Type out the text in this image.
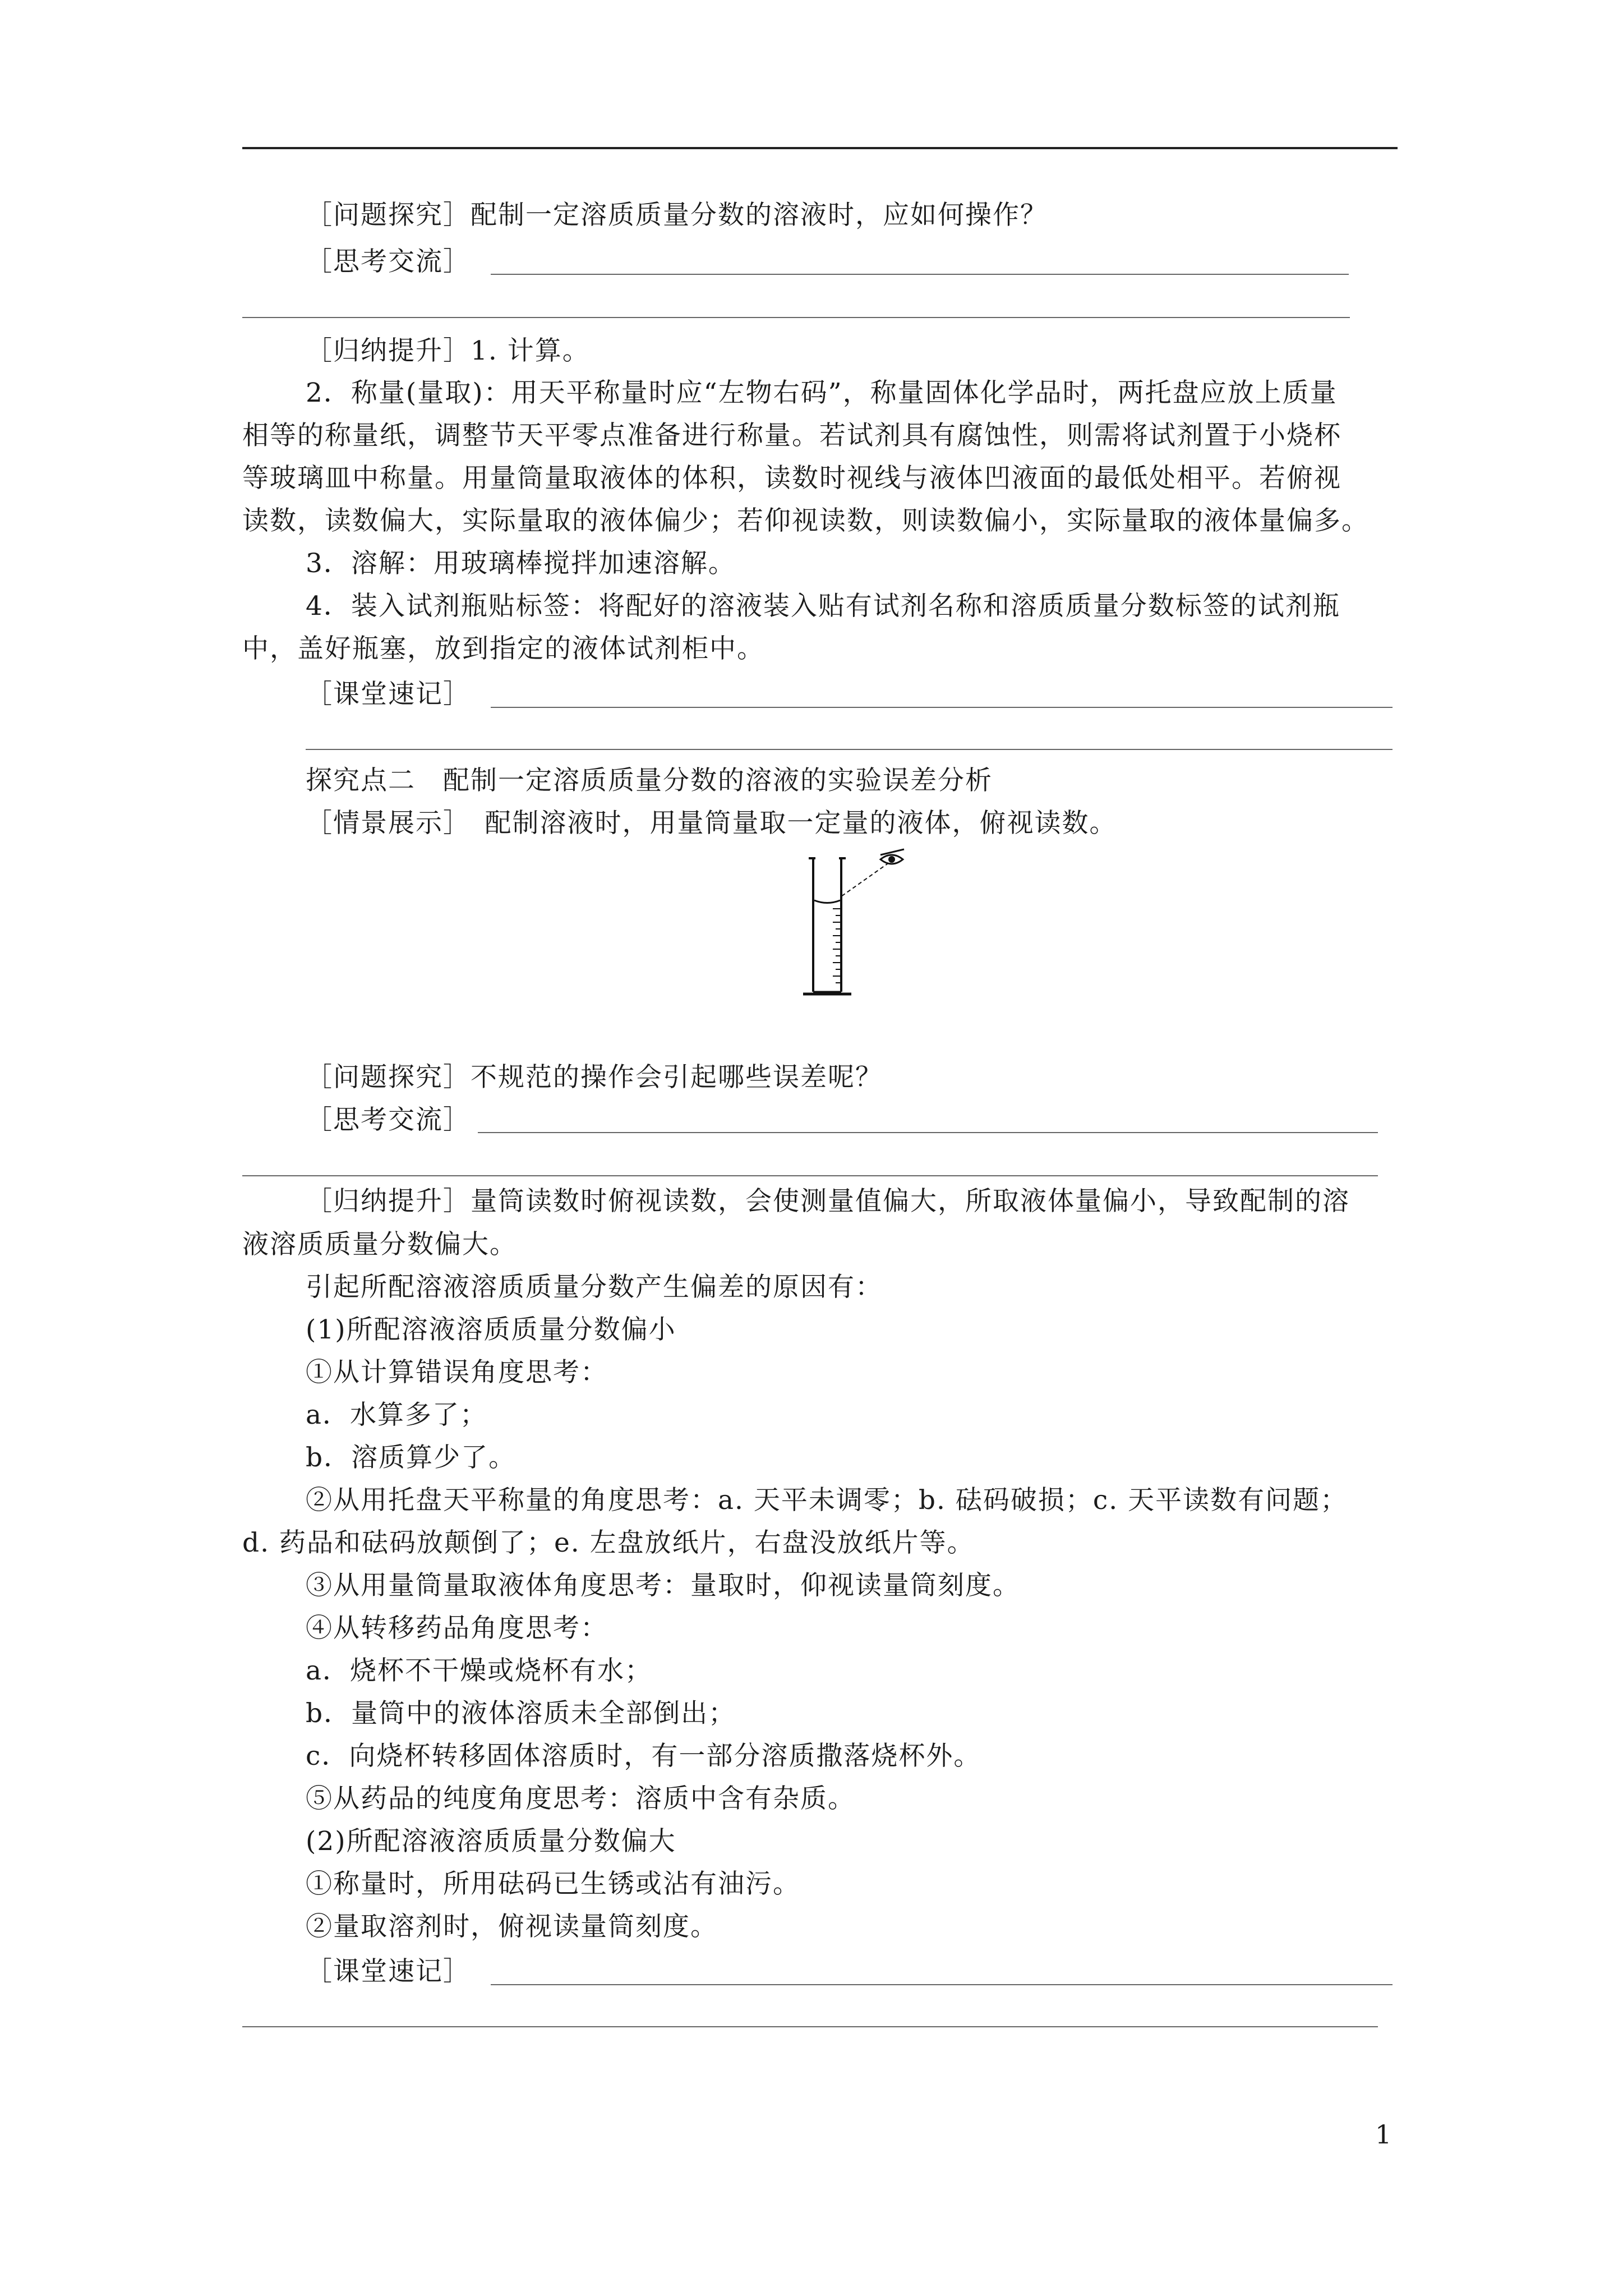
［问题探究］配制一定溶质质量分数的溶液时，应如何操作？
［思考交流］
［归纳提升］1. 计算。
2．称量(量取)：用天平称量时应“左物右码”，称量固体化学品时，两托盘应放上质量
相等的称量纸，调整节天平零点准备进行称量。若试剂具有腐蚀性，则需将试剂置于小烧杯
等玻璃皿中称量。用量筒量取液体的体积，读数时视线与液体凹液面的最低处相平。若俯视
读数，读数偏大，实际量取的液体偏少；若仰视读数，则读数偏小，实际量取的液体量偏多。
3．溶解：用玻璃棒搅拌加速溶解。
4．装入试剂瓶贴标签：将配好的溶液装入贴有试剂名称和溶质质量分数标签的试剂瓶
中，盖好瓶塞，放到指定的液体试剂柜中。
［课堂速记］
探究点二　配制一定溶质质量分数的溶液的实验误差分析
［情景展示］　配制溶液时，用量筒量取一定量的液体，俯视读数。
［问题探究］不规范的操作会引起哪些误差呢？
［思考交流］
［归纳提升］量筒读数时俯视读数，会使测量值偏大，所取液体量偏小，导致配制的溶
液溶质质量分数偏大。
引起所配溶液溶质质量分数产生偏差的原因有：
(1)所配溶液溶质质量分数偏小
①从计算错误角度思考：
a．水算多了；
b．溶质算少了。
②从用托盘天平称量的角度思考：a. 天平未调零；b. 砝码破损；c. 天平读数有问题；
d. 药品和砝码放颠倒了；e. 左盘放纸片，右盘没放纸片等。
③从用量筒量取液体角度思考：量取时，仰视读量筒刻度。
④从转移药品角度思考：
a．烧杯不干燥或烧杯有水；
b．量筒中的液体溶质未全部倒出；
c．向烧杯转移固体溶质时，有一部分溶质撒落烧杯外。
⑤从药品的纯度角度思考：溶质中含有杂质。
(2)所配溶液溶质质量分数偏大
①称量时，所用砝码已生锈或沾有油污。
②量取溶剂时，俯视读量筒刻度。
［课堂速记］
1
